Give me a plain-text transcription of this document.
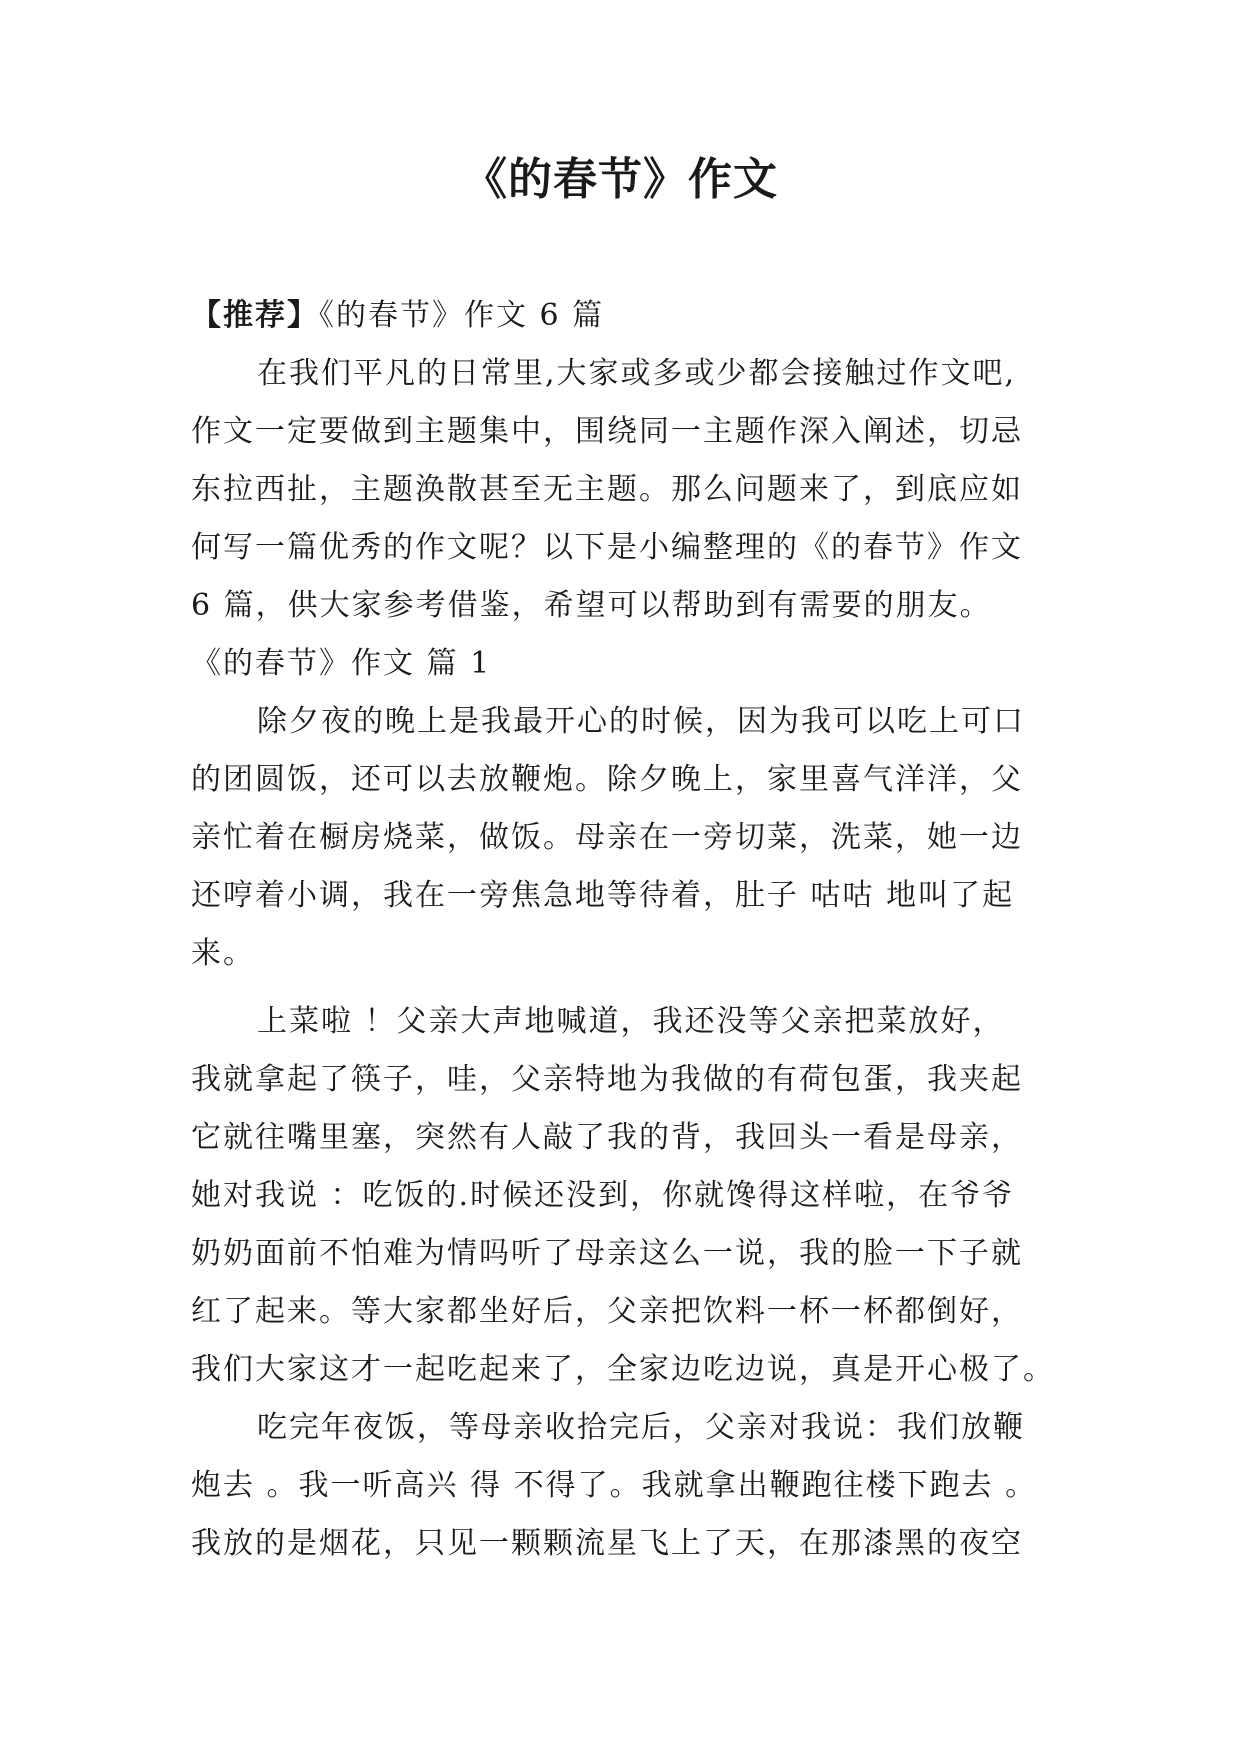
《的春节》作文
【推荐】《的春节》作文 6 篇
在我们平凡的日常里,大家或多或少都会接触过作文吧,
作文一定要做到主题集中，围绕同一主题作深入阐述，切忌
东拉西扯，主题涣散甚至无主题。那么问题来了，到底应如
何写一篇优秀的作文呢？以下是小编整理的《的春节》作文
6 篇，供大家参考借鉴，希望可以帮助到有需要的朋友。
《的春节》作文 篇 1
除夕夜的晚上是我最开心的时候，因为我可以吃上可口
的团圆饭，还可以去放鞭炮。除夕晚上，家里喜气洋洋，父
亲忙着在橱房烧菜，做饭。母亲在一旁切菜，洗菜，她一边
还哼着小调，我在一旁焦急地等待着，肚子 咕咕 地叫了起
来。
上菜啦 ！父亲大声地喊道，我还没等父亲把菜放好，
我就拿起了筷子，哇，父亲特地为我做的有荷包蛋，我夹起
它就往嘴里塞，突然有人敲了我的背，我回头一看是母亲，
她对我说 ：吃饭的.时候还没到，你就馋得这样啦，在爷爷
奶奶面前不怕难为情吗听了母亲这么一说，我的脸一下子就
红了起来。等大家都坐好后，父亲把饮料一杯一杯都倒好，
我们大家这才一起吃起来了，全家边吃边说，真是开心极了。
吃完年夜饭，等母亲收拾完后，父亲对我说：我们放鞭
炮去 。我一听高兴 得 不得了。我就拿出鞭跑往楼下跑去 。
我放的是烟花，只见一颗颗流星飞上了天，在那漆黑的夜空
